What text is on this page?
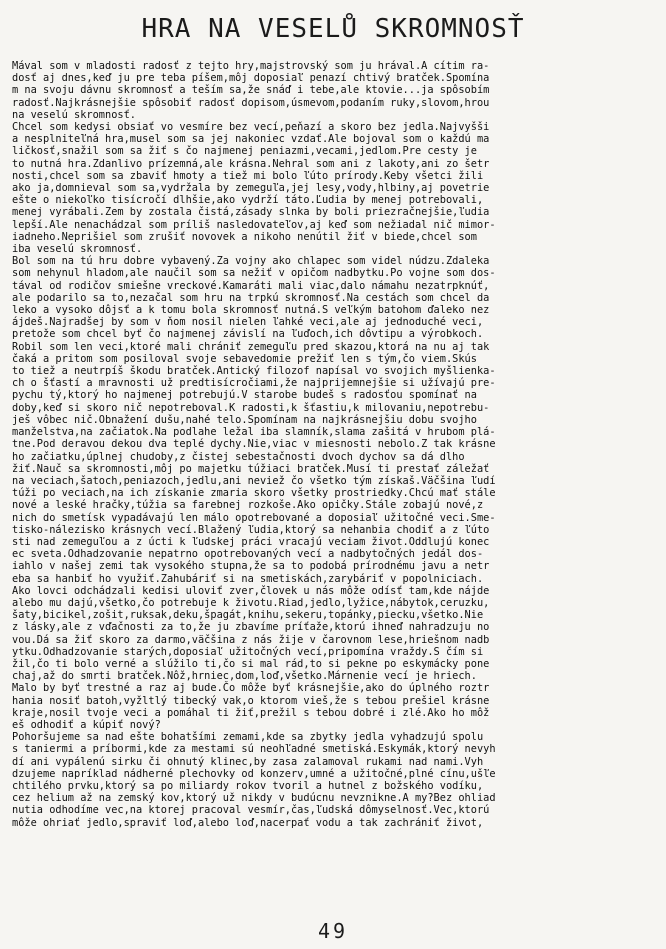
HRA NA VESELŮ SKROMNOSŤ
Mával som v mladosti radosť z tejto hry,majstrovský som ju hrával.A cítim ra-
dosť aj dnes,keď ju pre teba píšem,môj doposiaľ penazí chtivý bratček.Spomína
m na svoju dávnu skromnosť a teším sa,že snáď i tebe,ale ktovie...ja spôsobím
radosť.Najkrásnejšie spôsobiť radosť dopisom,úsmevom,podaním ruky,slovom,hrou
na veselú skromnosť.
Chcel som kedysi obsiať vo vesmíre bez vecí,peňazí a skoro bez jedla.Najvyšši
a nesplniteľná hra,musel som sa jej nakoniec vzdať.Ale bojoval som o každú ma
ličkosť,snažil som sa žiť s čo najmenej peniazmi,vecami,jedlom.Pre cesty je
to nutná hra.Zdanlivo prízemná,ale krásna.Nehral som ani z lakoty,ani zo šetr
nosti,chcel som sa zbaviť hmoty a tiež mi bolo ľúto prírody.Keby všetci žili
ako ja,domnieval som sa,vydržala by zemeguľa,jej lesy,vody,hlbiny,aj povetrie
ešte o niekoľko tisícročí dlhšie,ako vydrží táto.Ľudia by menej potrebovali,
menej vyrábali.Zem by zostala čistá,zásady slnka by boli priezračnejšie,ľudia
lepší.Ale nenachádzal som príliš nasledovateľov,aj keď som nežiadal nič mimor-
iadneho.Neprišiel som zrušiť novovek a nikoho nenútil žiť v biede,chcel som
iba veselú skromnosť.
Bol som na tú hru dobre vybavený.Za vojny ako chlapec som videl núdzu.Zdaleka
som nehynul hladom,ale naučil som sa nežiť v opičom nadbytku.Po vojne som dos-
tával od rodičov smiešne vreckové.Kamaráti mali viac,dalo námahu nezatrpknúť,
ale podarilo sa to,nezačal som hru na trpkú skromnosť.Na cestách som chcel da
leko a vysoko dôjsť a k tomu bola skromnosť nutná.S veľkým batohom ďaleko nez
ájdeš.Najradšej by som v ňom nosil nielen ľahké veci,ale aj jednoduché veci,
pretože som chcel byť čo najmenej závislí na ľuďoch,ich dôvtipu a výrobkoch.
Robil som len veci,ktoré mali chrániť zemeguľu pred skazou,ktorá na nu aj tak
čaká a pritom som posiloval svoje sebavedomie prežiť len s tým,čo viem.Skús
to tiež a neutrpíš škodu bratček.Antický filozof napísal vo svojich myšlienka-
ch o šťastí a mravnosti už predtisícročiami,že najprijemnejšie si užívajú pre-
pychu tý,ktorý ho najmenej potrebujú.V starobe budeš s radosťou spomínať na
doby,keď si skoro nič nepotreboval.K radosti,k šťastiu,k milovaniu,nepotrebu-
ješ vôbec nič.Obnažení dušu,nahé telo.Spomínam na najkrásnejšiu dobu svojho
manželstva,na začiatok.Na podlahe ležal iba slamník,slama zašitá v hrubom plá-
tne.Pod deravou dekou dva teplé dychy.Nie,viac v miesnosti nebolo.Z tak krásne
ho začiatku,úplnej chudoby,z čistej sebestačnosti dvoch dychov sa dá dlho
žiť.Nauč sa skromnosti,môj po majetku túžiaci bratček.Musí ti prestať záležať
na veciach,šatoch,peniazoch,jedlu,ani neviež čo všetko tým získaš.Väčšina ľudí
túži po veciach,na ich získanie zmaria skoro všetky prostriedky.Chcú mať stále
nové a leské hračky,túžia sa farebnej rozkoše.Ako opičky.Stále zobajú nové,z
nich do smetísk vypadávajú len málo opotrebované a doposiaľ užitočné veci.Sme-
tisko-nálezisko krásnych vecí.Blažený ľudia,ktorý sa nehanbia chodiť a z ľúto
sti nad zemeguľou a z úcti k ľudskej práci vracajú veciam život.Oddlujú konec
ec sveta.Odhadzovanie nepatrno opotrebovaných vecí a nadbytočných jedál dos-
iahlo v našej zemi tak vysokého stupna,že sa to podobá prírodnému javu a netr
eba sa hanbiť ho využiť.Zahubáriť si na smetiskách,zarybáriť v popolniciach.
Ako lovci odchádzali kedisi uloviť zver,človek u nás môže odísť tam,kde nájde
alebo mu dajú,všetko,čo potrebuje k životu.Riad,jedlo,lyžice,nábytok,ceruzku,
šaty,bicikel,zošit,ruksak,deku,špagát,knihu,sekeru,topánky,piecku,všetko.Nie
z lásky,ale z vďačnosti za to,že ju zbavíme príťaže,ktorú ihneď nahradzuju no
vou.Dá sa žiť skoro za darmo,väčšina z nás žije v čarovnom lese,hriešnom nadb
ytku.Odhadzovanie starých,doposiaľ užitočných vecí,pripomína vraždy.S čím si
žil,čo ti bolo verné a slúžilo ti,čo si mal rád,to si pekne po eskymácky pone
chaj,až do smrti bratček.Nôž,hrniec,dom,loď,všetko.Márnenie vecí je hriech.
Malo by byť trestné a raz aj bude.Čo môže byť krásnejšie,ako do úplného roztr
hania nosiť batoh,vyžltlý tibecký vak,o ktorom vieš,že s tebou prešiel krásne
kraje,nosil tvoje veci a pomáhal ti žiť,prežil s tebou dobré i zlé.Ako ho môž
eš odhodiť a kúpiť nový?
Pohoršujeme sa nad ešte bohatšími zemami,kde sa zbytky jedla vyhadzujú spolu
s taniermi a príbormi,kde za mestami sú neohľadné smetiská.Eskymák,ktorý nevyh
dí ani vypálenú sirku či ohnutý klinec,by zasa zalamoval rukami nad nami.Vyh
dzujeme napríklad nádherné plechovky od konzerv,umné a užitočné,plné cínu,ušľe
chtilého prvku,ktorý sa po miliardy rokov tvoril a hutnel z božského vodíku,
cez helium až na zemský kov,ktorý už nikdy v budúcnu nevznikne.A my?Bez ohliad
nutia odhodíme vec,na ktorej pracoval vesmír,čas,ľudská dômyselnosť.Vec,ktorú
môže ohriať jedlo,spraviť loď,alebo loď,nacerpať vodu a tak zachrániť život,
49
